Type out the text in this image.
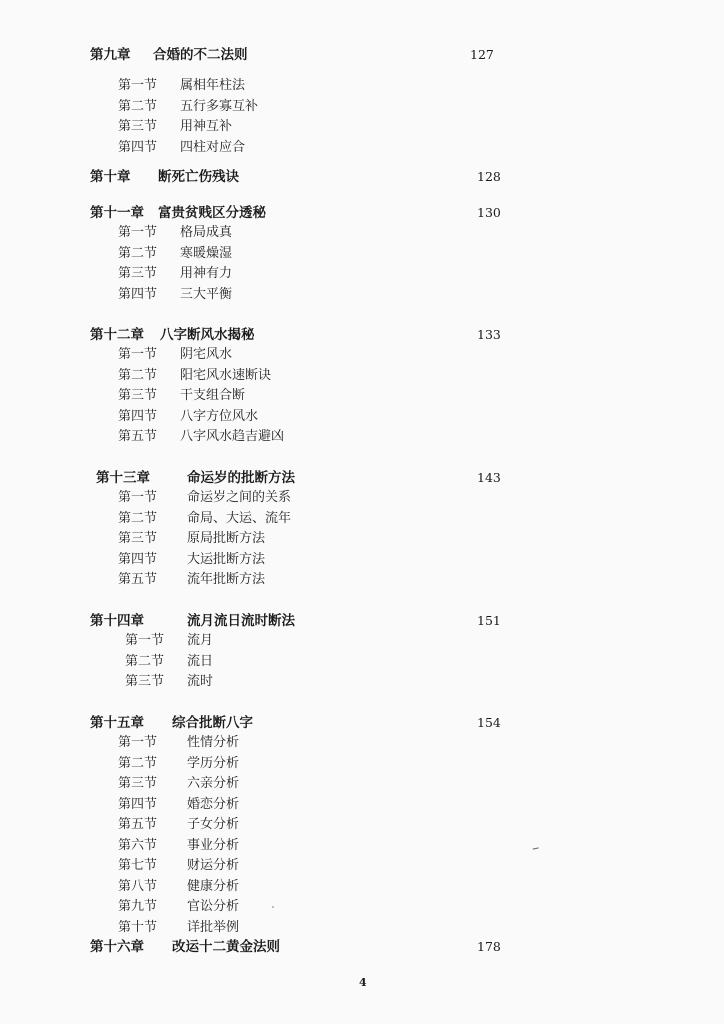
第九章 合婚的不二法则	127
第一节 属相年柱法
第二节 五行多寡互补
第三节 用神互补
第四节 四柱对应合
第十章 断死亡伤残诀	128
第十一章 富贵贫贱区分透秘	130
第一节 格局成真
第二节 寒暖燥湿
第三节 用神有力
第四节 三大平衡
第十二章 八字断风水揭秘	133
第一节 阴宅风水
第二节 阳宅风水速断诀
第三节 干支组合断
第四节 八字方位风水
第五节 八字风水趋吉避凶
第十三章	命运岁的批断方法	143
第一节 命运岁之间的关系
第二节 命局、大运、流年
第三节 原局批断方法
第四节 大运批断方法
第五节 流年批断方法
第十四章	流月流日流时断法	151
第一节 流月
第二节 流日
第三节 流时
第十五章 综合批断八字	154
第一节 性情分析
第二节 学历分析
第三节 六亲分析
第四节 婚恋分析
第五节 子女分析
第六节 事业分析
第七节 财运分析
第八节 健康分析
第九节 官讼分析
第十节 详批举例
第十六章 改运十二黄金法则	178
4
